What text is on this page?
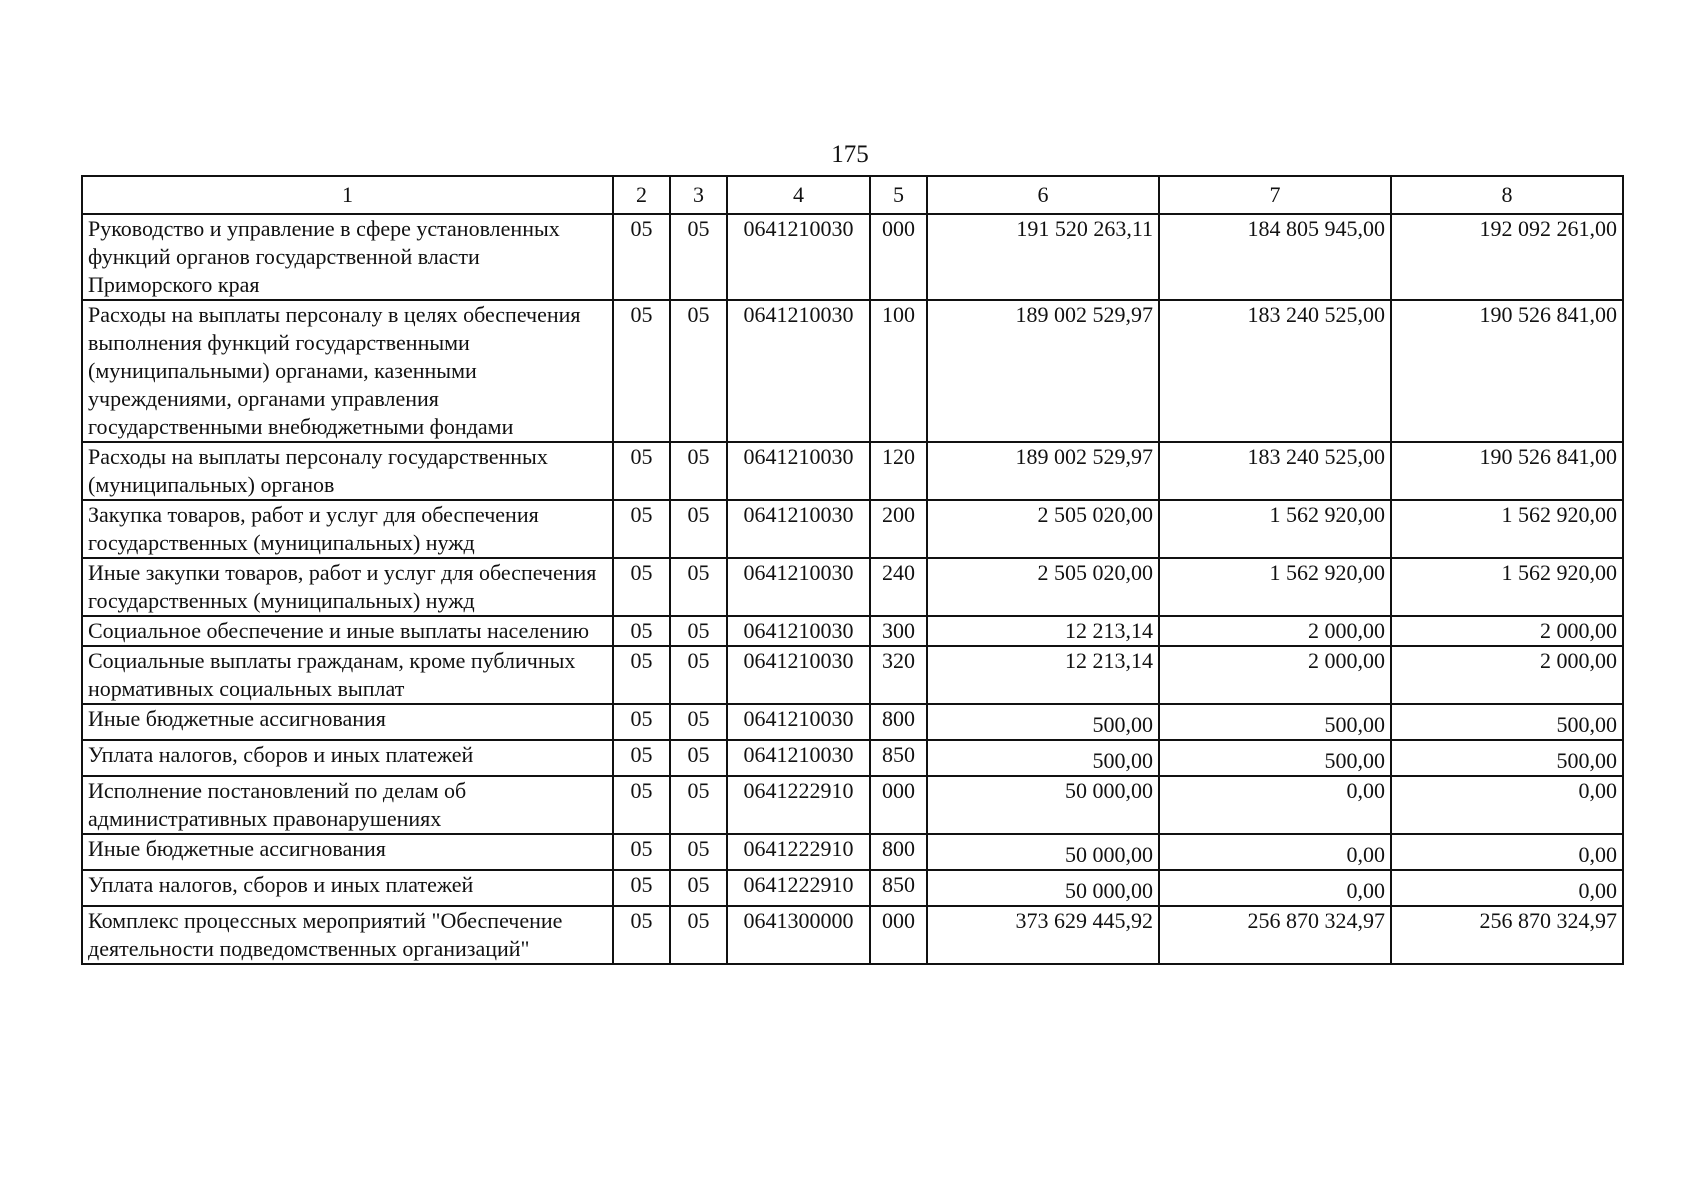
175
1	2	3	4	5	6	7	8
Руководство и управление в сфере установленных функций органов государственной власти Приморского края	05	05	0641210030	000	191 520 263,11	184 805 945,00	192 092 261,00
Расходы на выплаты персоналу в целях обеспечения выполнения функций государственными (муниципальными) органами, казенными учреждениями, органами управления государственными внебюджетными фондами	05	05	0641210030	100	189 002 529,97	183 240 525,00	190 526 841,00
Расходы на выплаты персоналу государственных (муниципальных) органов	05	05	0641210030	120	189 002 529,97	183 240 525,00	190 526 841,00
Закупка товаров, работ и услуг для обеспечения государственных (муниципальных) нужд	05	05	0641210030	200	2 505 020,00	1 562 920,00	1 562 920,00
Иные закупки товаров, работ и услуг для обеспечения государственных (муниципальных) нужд	05	05	0641210030	240	2 505 020,00	1 562 920,00	1 562 920,00
Социальное обеспечение и иные выплаты населению	05	05	0641210030	300	12 213,14	2 000,00	2 000,00
Социальные выплаты гражданам, кроме публичных нормативных социальных выплат	05	05	0641210030	320	12 213,14	2 000,00	2 000,00
Иные бюджетные ассигнования	05	05	0641210030	800	500,00	500,00	500,00
Уплата налогов, сборов и иных платежей	05	05	0641210030	850	500,00	500,00	500,00
Исполнение постановлений по делам об административных правонарушениях	05	05	0641222910	000	50 000,00	0,00	0,00
Иные бюджетные ассигнования	05	05	0641222910	800	50 000,00	0,00	0,00
Уплата налогов, сборов и иных платежей	05	05	0641222910	850	50 000,00	0,00	0,00
Комплекс процессных мероприятий "Обеспечение деятельности подведомственных организаций"	05	05	0641300000	000	373 629 445,92	256 870 324,97	256 870 324,97
